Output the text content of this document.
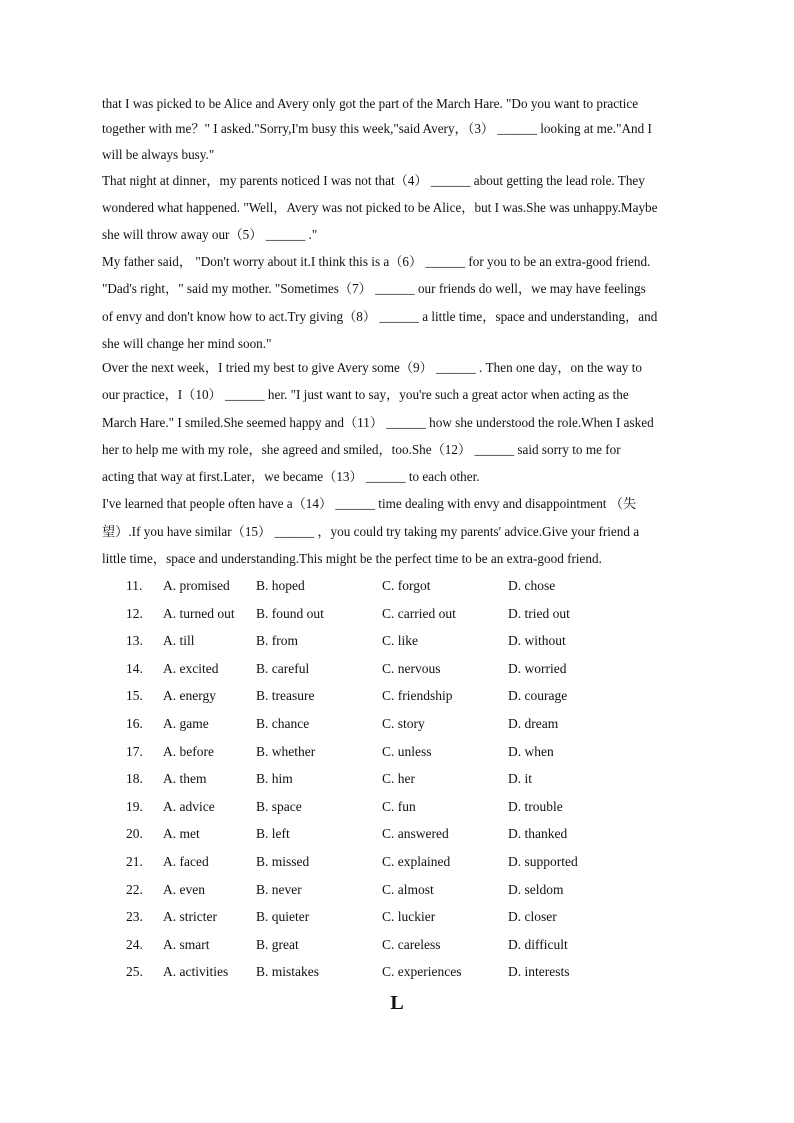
that I was picked to be Alice and Avery only got the part of the March Hare. "Do you want to practice
together with me？" I asked."Sorry,I'm busy this week,"said Avery，（3） ______ looking at me."And I
will be always busy."
That night at dinner，my parents noticed I was not that（4） ______ about getting the lead role. They
wondered what happened. "Well，Avery was not picked to be Alice，but I was.She was unhappy.Maybe
she will throw away our（5） ______ ."
My father said， "Don't worry about it.I think this is a（6） ______ for you to be an extra-good friend.
"Dad's right，" said my mother. "Sometimes（7） ______ our friends do well，we may have feelings
of envy and don't know how to act.Try giving（8） ______ a little time，space and understanding，and
she will change her mind soon."
Over the next week，I tried my best to give Avery some（9） ______ . Then one day，on the way to
our practice，I（10） ______ her. "I just want to say，you're such a great actor when acting as the
March Hare." I smiled.She seemed happy and（11） ______ how she understood the role.When I asked
her to help me with my role，she agreed and smiled，too.She（12） ______ said sorry to me for
acting that way at first.Later，we became（13） ______ to each other.
I've learned that people often have a（14） ______ time dealing with envy and disappointment （失
望）.If you have similar（15） ______ ，you could try taking my parents' advice.Give your friend a
little time，space and understanding.This might be the perfect time to be an extra-good friend.
11.	A. promised B. hoped	C. forgot	D. chose
12.	A. turned out B. found out	C. carried out	D. tried out
13.	A. till	B. from	C. like	D. without
14.	A. excited	B. careful	C. nervous	D. worried
15.	A. energy	B. treasure	C. friendship	D. courage
16.	A. game	B. chance	C. story	D. dream
17.	A. before	B. whether	C. unless	D. when
18.	A. them	B. him	C. her	D. it
19.	A. advice	B. space	C. fun	D. trouble
20.	A. met	B. left	C. answered	D. thanked
21.	A. faced	B. missed	C. explained	D. supported
22.	A. even	B. never	C. almost	D. seldom
23.	A. stricter	B. quieter	C. luckier	D. closer
24.	A. smart	B. great	C. careless	D. difficult
25.	A. activities B. mistakes	C. experiences	D. interests
L
